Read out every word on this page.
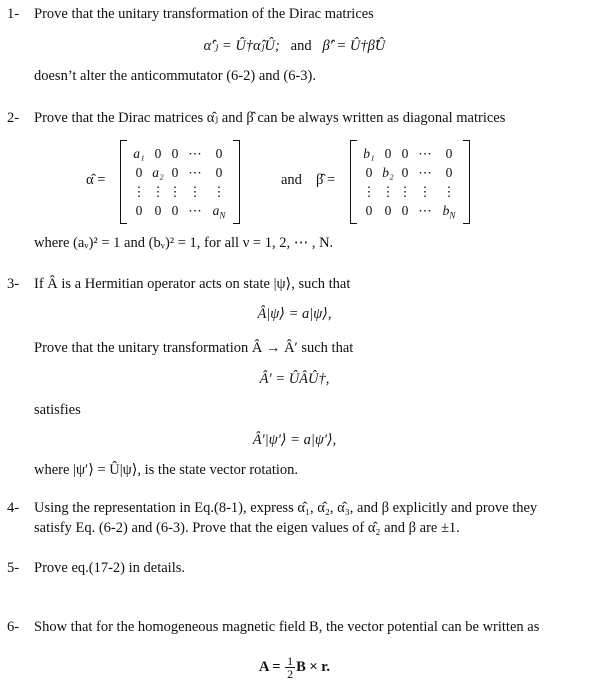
1- Prove that the unitary transformation of the Dirac matrices
α̂′ⱼ = Û†α̂ⱼÛ; and β̂′ = Û†β̂Û
doesn’t alter the anticommutator (6-2) and (6-3).
2- Prove that the Dirac matrices α̂ⱼ and β̂ can be always written as diagonal matrices
α̂ =
a₁ 0 0 ⋯	0
0 a₂ 0 ⋯	0
⋮ ⋮ ⋮ ⋮ ⋮
0 0 0 ⋯ $a_N$
and β̂ =
b₁ 0 0 ⋯	0
0 b₂ 0 ⋯	0
⋮ ⋮ ⋮ ⋮ ⋮
0 0 0 ⋯ $b_N$
where (aᵥ)² = 1 and (bᵥ)² = 1, for all ν = 1, 2, ⋯ , N.
3- If Â is a Hermitian operator acts on state |ψ⟩, such that
Â|ψ⟩ = a|ψ⟩,
Prove that the unitary transformation Â → Â′ such that
Â′ = ÛÂÛ†,
satisfies
Â′|ψ′⟩ = a|ψ′⟩,
where |ψ′⟩ = Û|ψ⟩, is the state vector rotation.
4- Using the representation in Eq.(8-1), express α̂₁, α̂₂, α̂₃, and β explicitly and prove they
satisfy Eq. (6-2) and (6-3). Prove that the eigen values of α̂₂ and β are ±1.
5- Prove eq.(17-2) in details.
6- Show that for the homogeneous magnetic field B, the vector potential can be written as
$A = \frac{1}{2}$ B × r.
